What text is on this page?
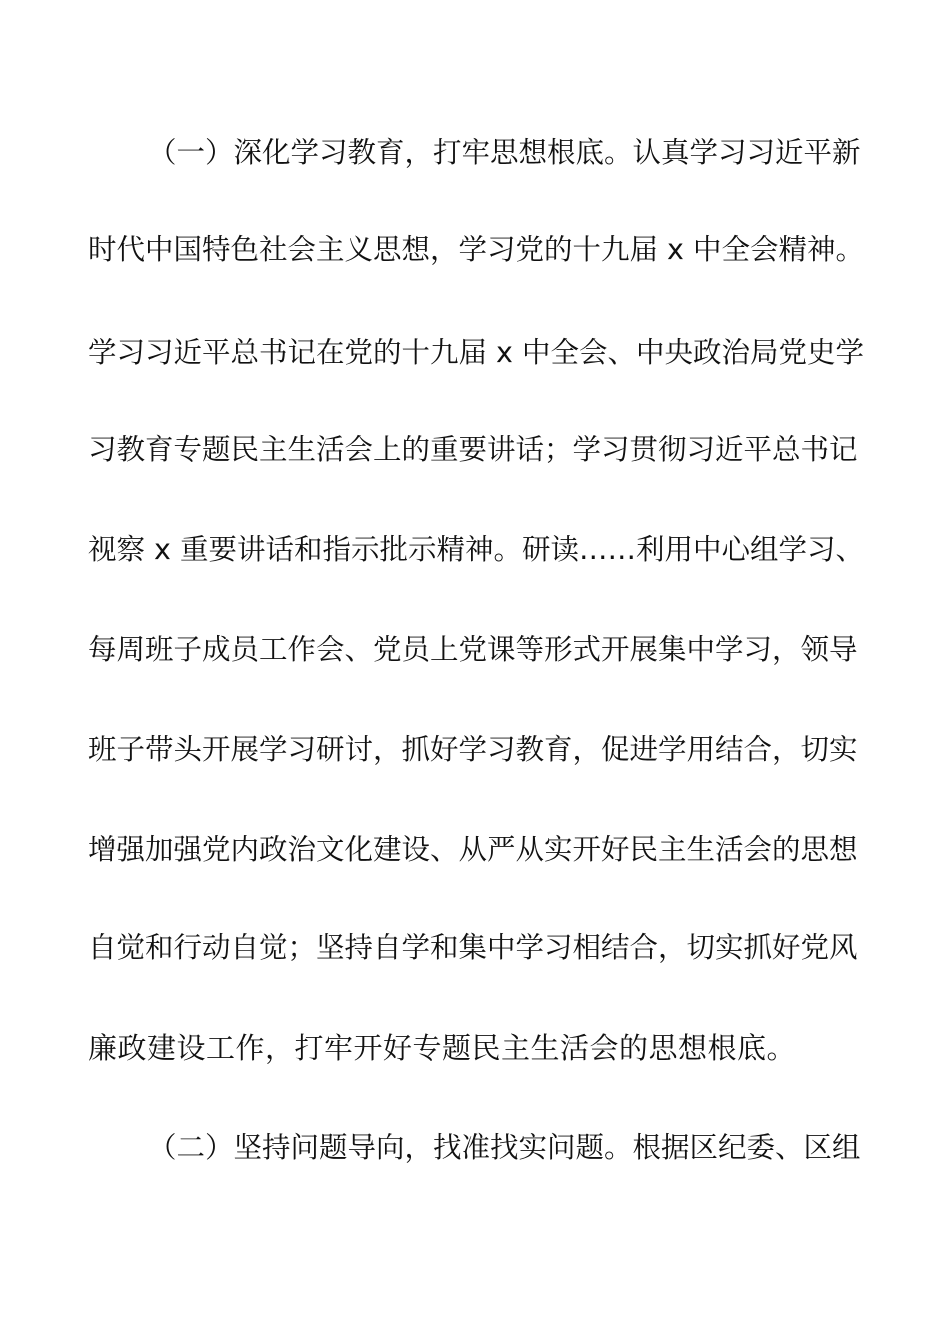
（一）深化学习教育，打牢思想根底。认真学习习近平新
时代中国特色社会主义思想，学习党的十九届 x 中全会精神。
学习习近平总书记在党的十九届 x 中全会、中央政治局党史学
习教育专题民主生活会上的重要讲话；学习贯彻习近平总书记
视察 x 重要讲话和指示批示精神。研读……利用中心组学习、
每周班子成员工作会、党员上党课等形式开展集中学习，领导
班子带头开展学习研讨，抓好学习教育，促进学用结合，切实
增强加强党内政治文化建设、从严从实开好民主生活会的思想
自觉和行动自觉；坚持自学和集中学习相结合，切实抓好党风
廉政建设工作，打牢开好专题民主生活会的思想根底。
（二）坚持问题导向，找准找实问题。根据区纪委、区组
